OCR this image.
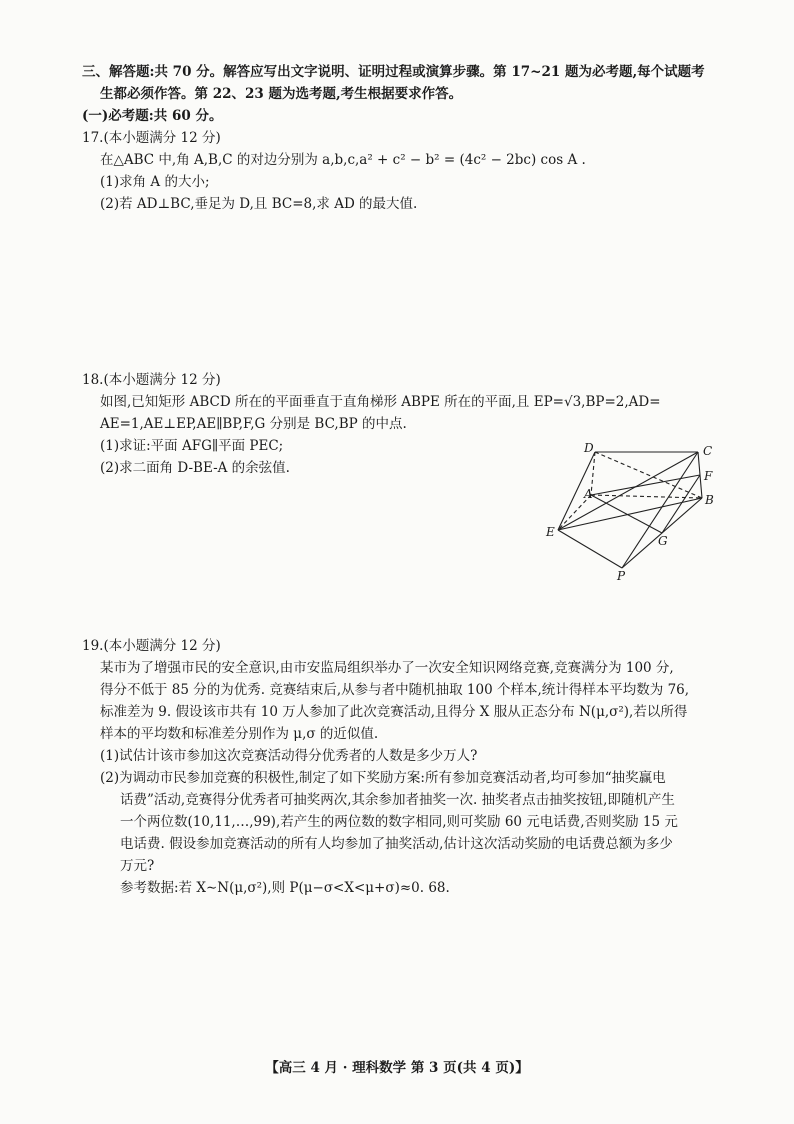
三、解答题:共 70 分。解答应写出文字说明、证明过程或演算步骤。第 17~21 题为必考题,每个试题考
生都必须作答。第 22、23 题为选考题,考生根据要求作答。
(一)必考题:共 60 分。
17.(本小题满分 12 分)
在△ABC 中,角 A,B,C 的对边分别为 a,b,c,a² + c² − b² = (4c² − 2bc) cos A .
(1)求角 A 的大小;
(2)若 AD⊥BC,垂足为 D,且 BC=8,求 AD 的最大值.
18.(本小题满分 12 分)
如图,已知矩形 ABCD 所在的平面垂直于直角梯形 ABPE 所在的平面,且 EP=√3,BP=2,AD=
AE=1,AE⊥EP,AE∥BP,F,G 分别是 BC,BP 的中点.
(1)求证:平面 AFG∥平面 PEC;
(2)求二面角 D-BE-A 的余弦值.
D	C
F
A	B
E
G
P
19.(本小题满分 12 分)
某市为了增强市民的安全意识,由市安监局组织举办了一次安全知识网络竞赛,竞赛满分为 100 分,
得分不低于 85 分的为优秀. 竞赛结束后,从参与者中随机抽取 100 个样本,统计得样本平均数为 76,
标准差为 9. 假设该市共有 10 万人参加了此次竞赛活动,且得分 X 服从正态分布 N(μ,σ²),若以所得
样本的平均数和标准差分别作为 μ,σ 的近似值.
(1)试估计该市参加这次竞赛活动得分优秀者的人数是多少万人?
(2)为调动市民参加竞赛的积极性,制定了如下奖励方案:所有参加竞赛活动者,均可参加“抽奖赢电
话费”活动,竞赛得分优秀者可抽奖两次,其余参加者抽奖一次. 抽奖者点击抽奖按钮,即随机产生
一个两位数(10,11,…,99),若产生的两位数的数字相同,则可奖励 60 元电话费,否则奖励 15 元
电话费. 假设参加竞赛活动的所有人均参加了抽奖活动,估计这次活动奖励的电话费总额为多少
万元?
参考数据:若 X∼N(μ,σ²),则 P(μ−σ<X<μ+σ)≈0. 68.
【高三 4 月 · 理科数学 第 3 页(共 4 页)】
